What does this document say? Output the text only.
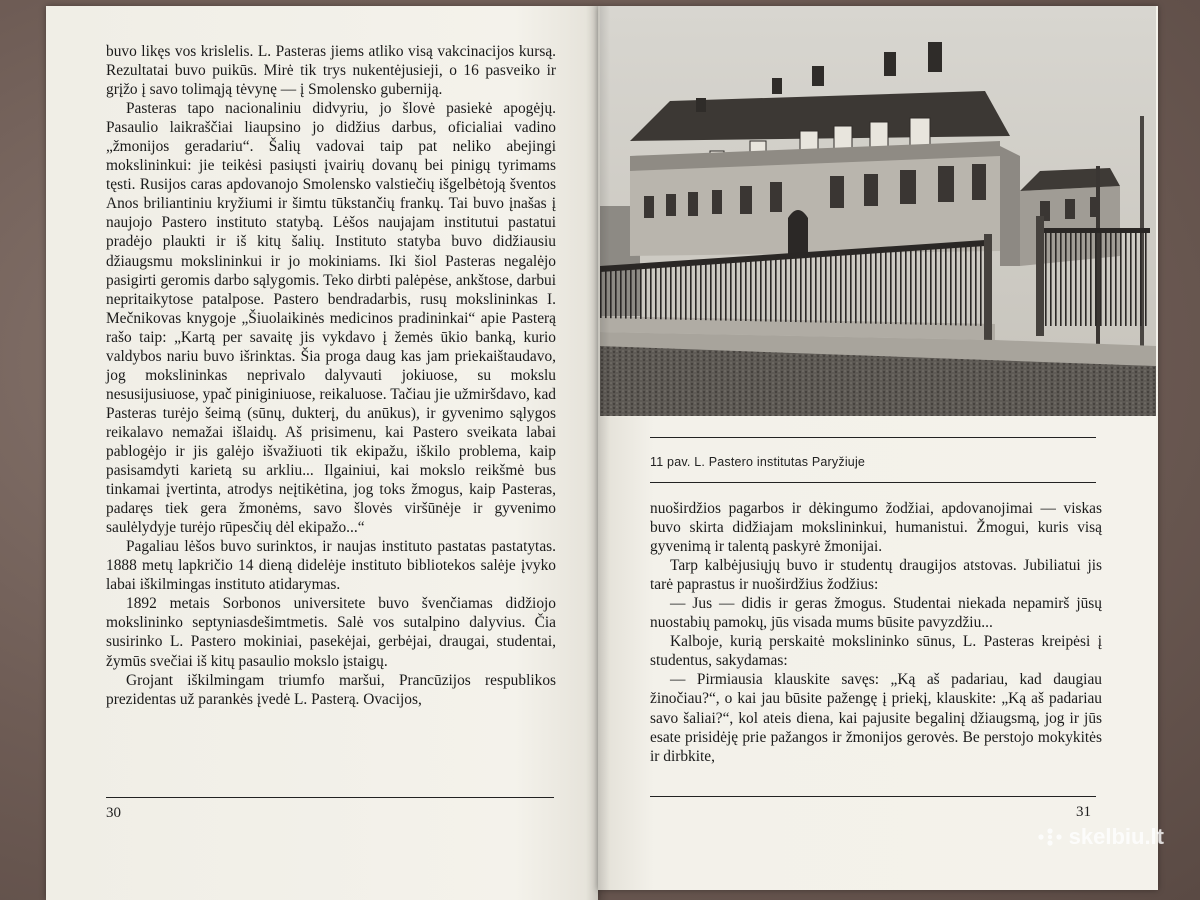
buvo likęs vos krislelis. L. Pasteras jiems atliko visą vakcinacijos kursą. Rezultatai buvo puikūs. Mirė tik trys nukentėjusieji, o 16 pasveiko ir grįžo į savo tolimąją tėvynę — į Smolensko guberniją.

Pasteras tapo nacionaliniu didvyriu, jo šlovė pasiekė apogėjų. Pasaulio laikraščiai liaupsino jo didžius darbus, oficialiai vadino „žmonijos geradariu“. Šalių vadovai taip pat neliko abejingi mokslininkui: jie teikėsi pasiųsti įvairių dovanų bei pinigų tyrimams tęsti. Rusijos caras apdovanojo Smolensko valstiečių išgelbėtoją šventos Anos briliantiniu kryžiumi ir šimtu tūkstančių frankų. Tai buvo įnašas į naujojo Pastero instituto statybą. Lėšos naujajam institutui pastatui pradėjo plaukti ir iš kitų šalių. Instituto statyba buvo didžiausiu džiaugsmu mokslininkui ir jo mokiniams. Iki šiol Pasteras negalėjo pasigirti geromis darbo sąlygomis. Teko dirbti palėpėse, ankštose, darbui nepritaikytose patalpose. Pastero bendradarbis, rusų mokslininkas I. Mečnikovas knygoje „Šiuolaikinės medicinos pradininkai“ apie Pasterą rašo taip: „Kartą per savaitę jis vykdavo į žemės ūkio banką, kurio valdybos nariu buvo išrinktas. Šia proga daug kas jam priekaištaudavo, jog mokslininkas neprivalo dalyvauti jokiuose, su mokslu nesusijusiuose, ypač piniginiuose, reikaluose. Tačiau jie užmiršdavo, kad Pasteras turėjo šeimą (sūnų, dukterį, du anūkus), ir gyvenimo sąlygos reikalavo nemažai išlaidų. Aš prisimenu, kai Pastero sveikata labai pablogėjo ir jis galėjo išvažiuoti tik ekipažu, iškilo problema, kaip pasisamdyti karietą su arkliu... Ilgainiui, kai mokslo reikšmė bus tinkamai įvertinta, atrodys neįtikėtina, jog toks žmogus, kaip Pasteras, padaręs tiek gera žmonėms, savo šlovės viršūnėje ir gyvenimo saulėlydyje turėjo rūpesčių dėl ekipažo...“

Pagaliau lėšos buvo surinktos, ir naujas instituto pastatas pastatytas. 1888 metų lapkričio 14 dieną didelėje instituto bibliotekos salėje įvyko labai iškilmingas instituto atidarymas.

1892 metais Sorbonos universitete buvo švenčiamas didžiojo mokslininko septyniasdešimtmetis. Salė vos sutalpino dalyvius. Čia susirinko L. Pastero mokiniai, pasekėjai, gerbėjai, draugai, studentai, žymūs svečiai iš kitų pasaulio mokslo įstaigų.

Grojant iškilmingam triumfo maršui, Prancūzijos respublikos prezidentas už parankės įvedė L. Pasterą. Ovacijos,

30
11 pav. L. Pastero institutas Paryžiuje

nuoširdžios pagarbos ir dėkingumo žodžiai, apdovanojimai — viskas buvo skirta didžiajam mokslininkui, humanistui. Žmogui, kuris visą gyvenimą ir talentą paskyrė žmonijai.

Tarp kalbėjusiųjų buvo ir studentų draugijos atstovas. Jubiliatui jis tarė paprastus ir nuoširdžius žodžius:

— Jus — didis ir geras žmogus. Studentai niekada nepamirš jūsų nuostabių pamokų, jūs visada mums būsite pavyzdžiu...

Kalboje, kurią perskaitė mokslininko sūnus, L. Pasteras kreipėsi į studentus, sakydamas:

— Pirmiausia klauskite savęs: „Ką aš padariau, kad daugiau žinočiau?“, o kai jau būsite pažengę į priekį, klauskite: „Ką aš padariau savo šaliai?“, kol ateis diena, kai pajusite begalinį džiaugsmą, jog ir jūs esate prisidėję prie pažangos ir žmonijos gerovės. Be perstojo mokykitės ir dirbkite,

31
skelbiu.lt
